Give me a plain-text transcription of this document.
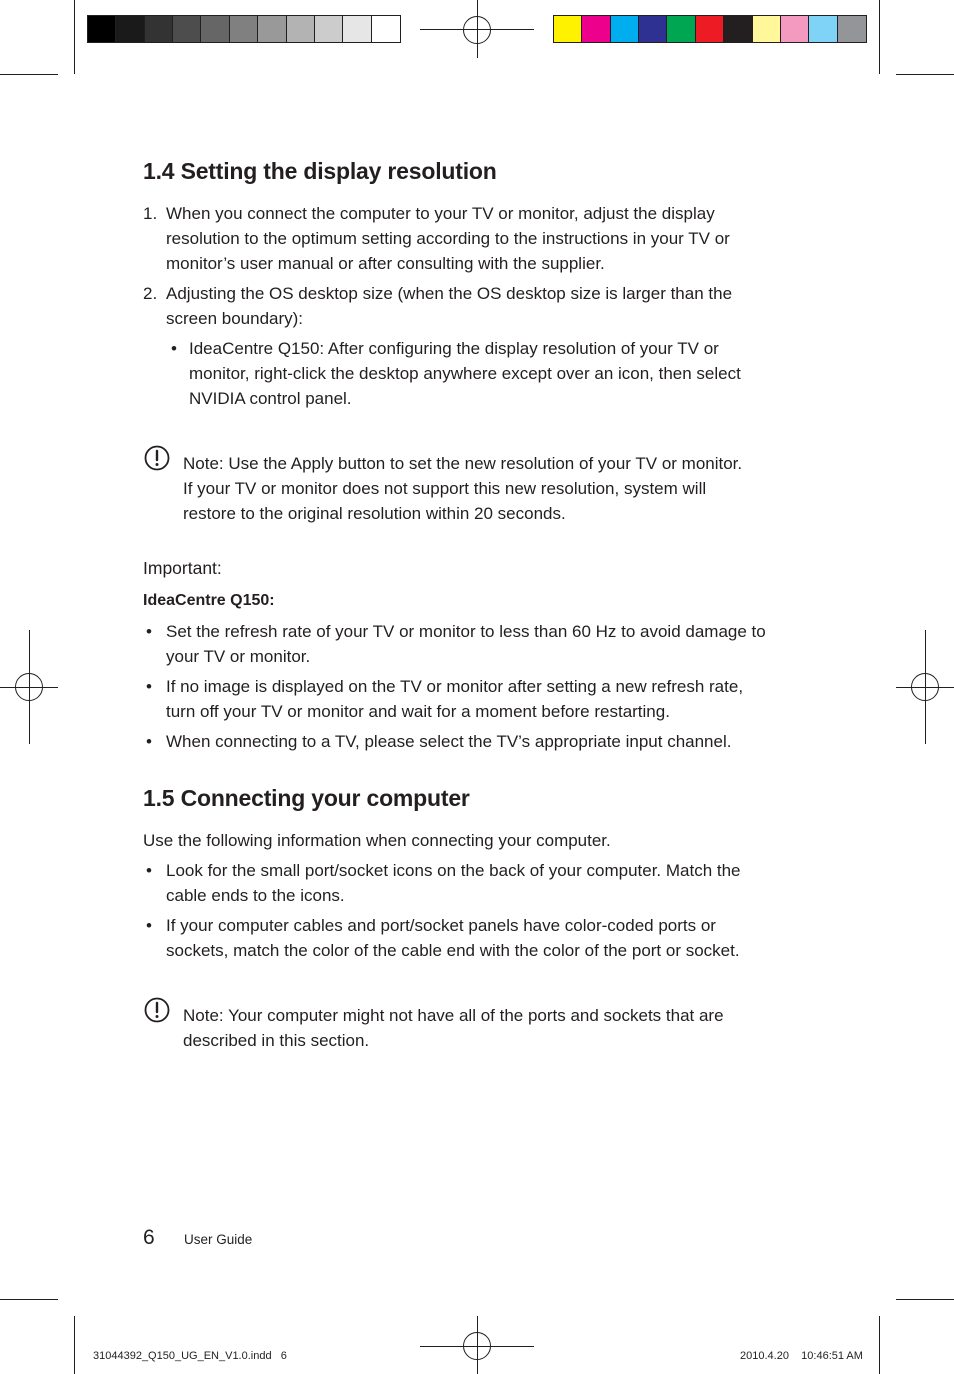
1.4 Setting the display resolution
1. When you connect the computer to your TV or monitor, adjust the display
resolution to the optimum setting according to the instructions in your TV or
monitor’s user manual or after consulting with the supplier.

2. Adjusting the OS desktop size (when the OS desktop size is larger than the
screen boundary):

• IdeaCentre Q150: After configuring the display resolution of your TV or
monitor, right-click the desktop anywhere except over an icon, then select
NVIDIA control panel.

Note: Use the Apply button to set the new resolution of your TV or monitor.
If your TV or monitor does not support this new resolution, system will
restore to the original resolution within 20 seconds.

Important:
IdeaCentre Q150:
• Set the refresh rate of your TV or monitor to less than 60 Hz to avoid damage to
your TV or monitor.

• If no image is displayed on the TV or monitor after setting a new refresh rate,
turn off your TV or monitor and wait for a moment before restarting.

• When connecting to a TV, please select the TV’s appropriate input channel.

1.5 Connecting your computer

Use the following information when connecting your computer.

• Look for the small port/socket icons on the back of your computer. Match the
cable ends to the icons.

• If your computer cables and port/socket panels have color-coded ports or
sockets, match the color of the cable end with the color of the port or socket.

Note: Your computer might not have all of the ports and sockets that are
described in this section.

6 User Guide
31044392_Q150_UG_EN_V1.0.indd   6	2010.4.20    10:46:51 AM
